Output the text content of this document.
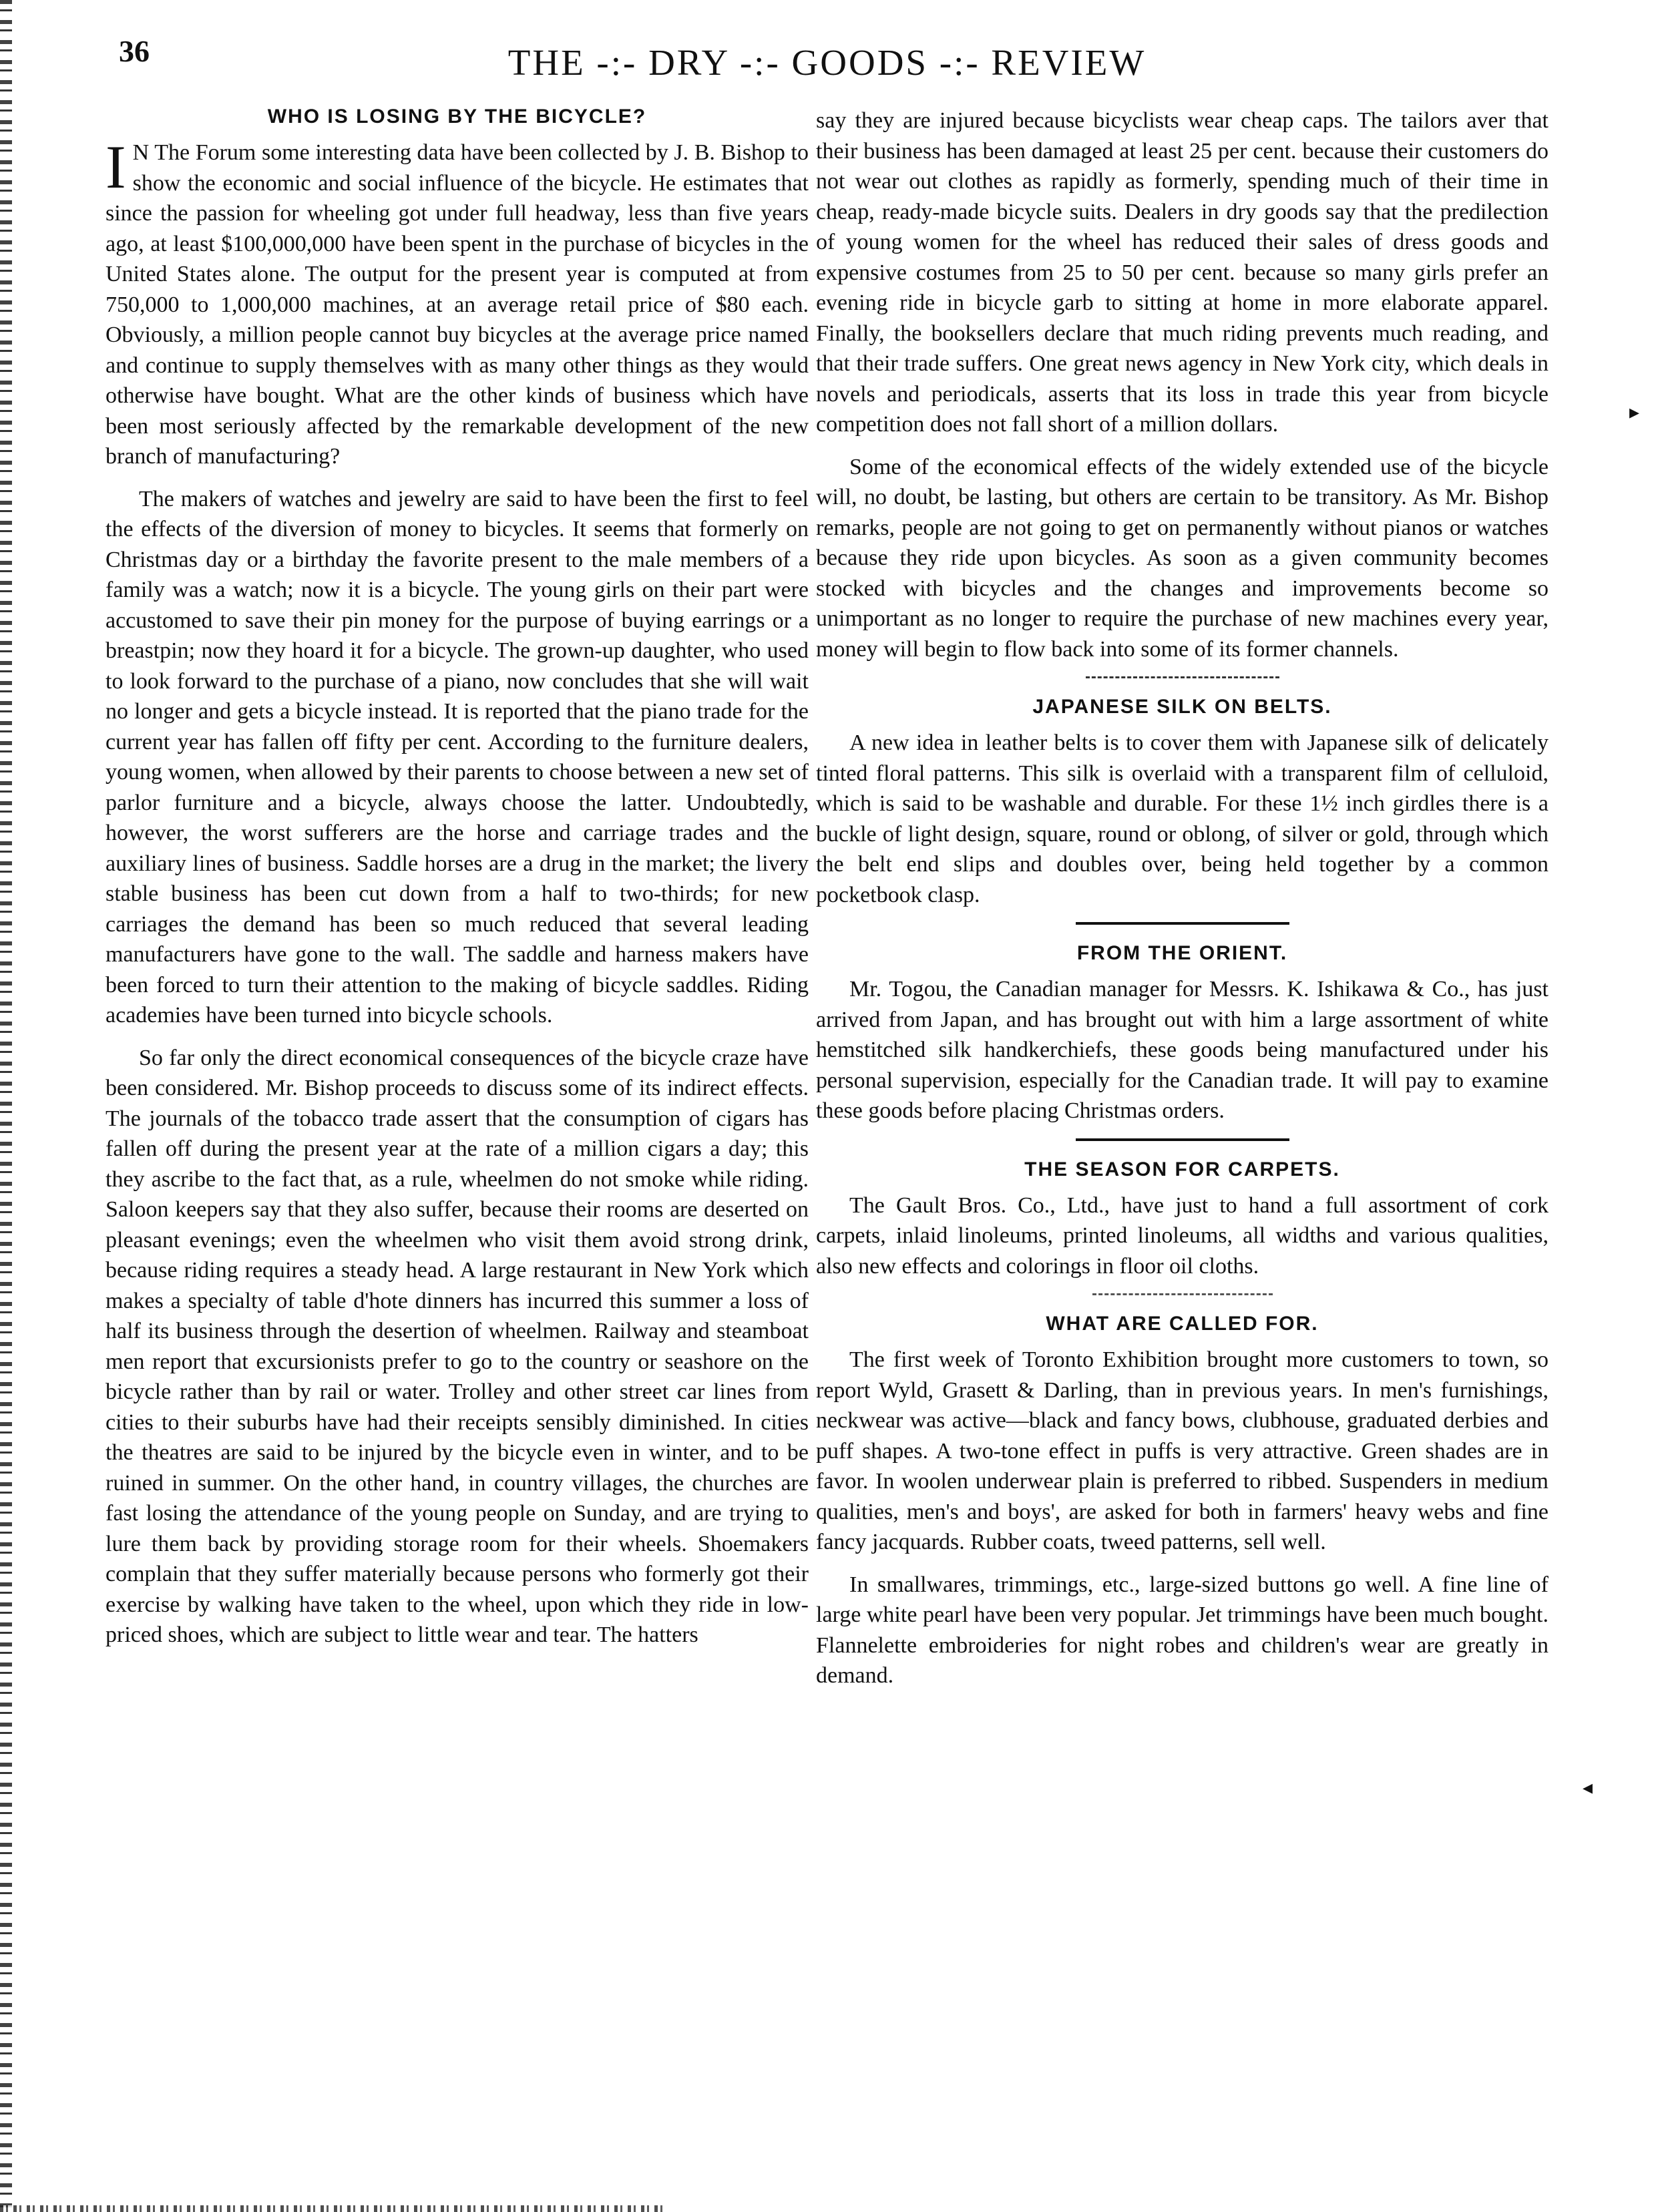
36	THE -:- DRY -:- GOODS -:- REVIEW
WHO IS LOSING BY THE BICYCLE?

I N The Forum some interesting data have been collected by J. B. Bishop to show the economic and social influence of the bicycle. He estimates that since the passion for wheeling got under full headway, less than five years ago, at least $100,000,000 have been spent in the purchase of bicycles in the United States alone. The output for the present year is computed at from 750,000 to 1,000,000 machines, at an average retail price of $80 each. Obviously, a million people cannot buy bicycles at the average price named and continue to supply themselves with as many other things as they would otherwise have bought. What are the other kinds of business which have been most seriously affected by the remarkable development of the new branch of manufacturing?

The makers of watches and jewelry are said to have been the first to feel the effects of the diversion of money to bicycles. It seems that formerly on Christmas day or a birthday the favorite present to the male members of a family was a watch; now it is a bicycle. The young girls on their part were accustomed to save their pin money for the purpose of buying earrings or a breastpin; now they hoard it for a bicycle. The grown-up daughter, who used to look forward to the purchase of a piano, now concludes that she will wait no longer and gets a bicycle instead. It is reported that the piano trade for the current year has fallen off fifty per cent. According to the furniture dealers, young women, when allowed by their parents to choose between a new set of parlor furniture and a bicycle, always choose the latter. Undoubtedly, however, the worst sufferers are the horse and carriage trades and the auxiliary lines of business. Saddle horses are a drug in the market; the livery stable business has been cut down from a half to two-thirds; for new carriages the demand has been so much reduced that several leading manufacturers have gone to the wall. The saddle and harness makers have been forced to turn their attention to the making of bicycle saddles. Riding academies have been turned into bicycle schools.

So far only the direct economical consequences of the bicycle craze have been considered. Mr. Bishop proceeds to discuss some of its indirect effects. The journals of the tobacco trade assert that the consumption of cigars has fallen off during the present year at the rate of a million cigars a day; this they ascribe to the fact that, as a rule, wheelmen do not smoke while riding. Saloon keepers say that they also suffer, because their rooms are deserted on pleasant evenings; even the wheelmen who visit them avoid strong drink, because riding requires a steady head. A large restaurant in New York which makes a specialty of table d'hote dinners has incurred this summer a loss of half its business through the desertion of wheelmen. Railway and steamboat men report that excursionists prefer to go to the country or seashore on the bicycle rather than by rail or water. Trolley and other street car lines from cities to their suburbs have had their receipts sensibly diminished. In cities the theatres are said to be injured by the bicycle even in winter, and to be ruined in summer. On the other hand, in country villages, the churches are fast losing the attendance of the young people on Sunday, and are trying to lure them back by providing storage room for their wheels. Shoemakers complain that they suffer materially because persons who formerly got their exercise by walking have taken to the wheel, upon which they ride in low-priced shoes, which are subject to little wear and tear. The hatters

say they are injured because bicyclists wear cheap caps. The tailors aver that their business has been damaged at least 25 per cent. because their customers do not wear out clothes as rapidly as formerly, spending much of their time in cheap, ready-made bicycle suits. Dealers in dry goods say that the predilection of young women for the wheel has reduced their sales of dress goods and expensive costumes from 25 to 50 per cent. because so many girls prefer an evening ride in bicycle garb to sitting at home in more elaborate apparel. Finally, the booksellers declare that much riding prevents much reading, and that their trade suffers. One great news agency in New York city, which deals in novels and periodicals, asserts that its loss in trade this year from bicycle competition does not fall short of a million dollars.

Some of the economical effects of the widely extended use of the bicycle will, no doubt, be lasting, but others are certain to be transitory. As Mr. Bishop remarks, people are not going to get on permanently without pianos or watches because they ride upon bicycles. As soon as a given community becomes stocked with bicycles and the changes and improvements become so unimportant as no longer to require the purchase of new machines every year, money will begin to flow back into some of its former channels.

JAPANESE SILK ON BELTS.

A new idea in leather belts is to cover them with Japanese silk of delicately tinted floral patterns. This silk is overlaid with a transparent film of celluloid, which is said to be washable and durable. For these 1½ inch girdles there is a buckle of light design, square, round or oblong, of silver or gold, through which the belt end slips and doubles over, being held together by a common pocketbook clasp.

FROM THE ORIENT.

Mr. Togou, the Canadian manager for Messrs. K. Ishikawa & Co., has just arrived from Japan, and has brought out with him a large assortment of white hemstitched silk handkerchiefs, these goods being manufactured under his personal supervision, especially for the Canadian trade. It will pay to examine these goods before placing Christmas orders.

THE SEASON FOR CARPETS.

The Gault Bros. Co., Ltd., have just to hand a full assortment of cork carpets, inlaid linoleums, printed linoleums, all widths and various qualities, also new effects and colorings in floor oil cloths.

WHAT ARE CALLED FOR.

The first week of Toronto Exhibition brought more customers to town, so report Wyld, Grasett & Darling, than in previous years. In men's furnishings, neckwear was active—black and fancy bows, clubhouse, graduated derbies and puff shapes. A two-tone effect in puffs is very attractive. Green shades are in favor. In woolen underwear plain is preferred to ribbed. Suspenders in medium qualities, men's and boys', are asked for both in farmers' heavy webs and fine fancy jacquards. Rubber coats, tweed patterns, sell well.

In smallwares, trimmings, etc., large-sized buttons go well. A fine line of large white pearl have been very popular. Jet trimmings have been much bought. Flannelette embroideries for night robes and children's wear are greatly in demand.

▸
◂
